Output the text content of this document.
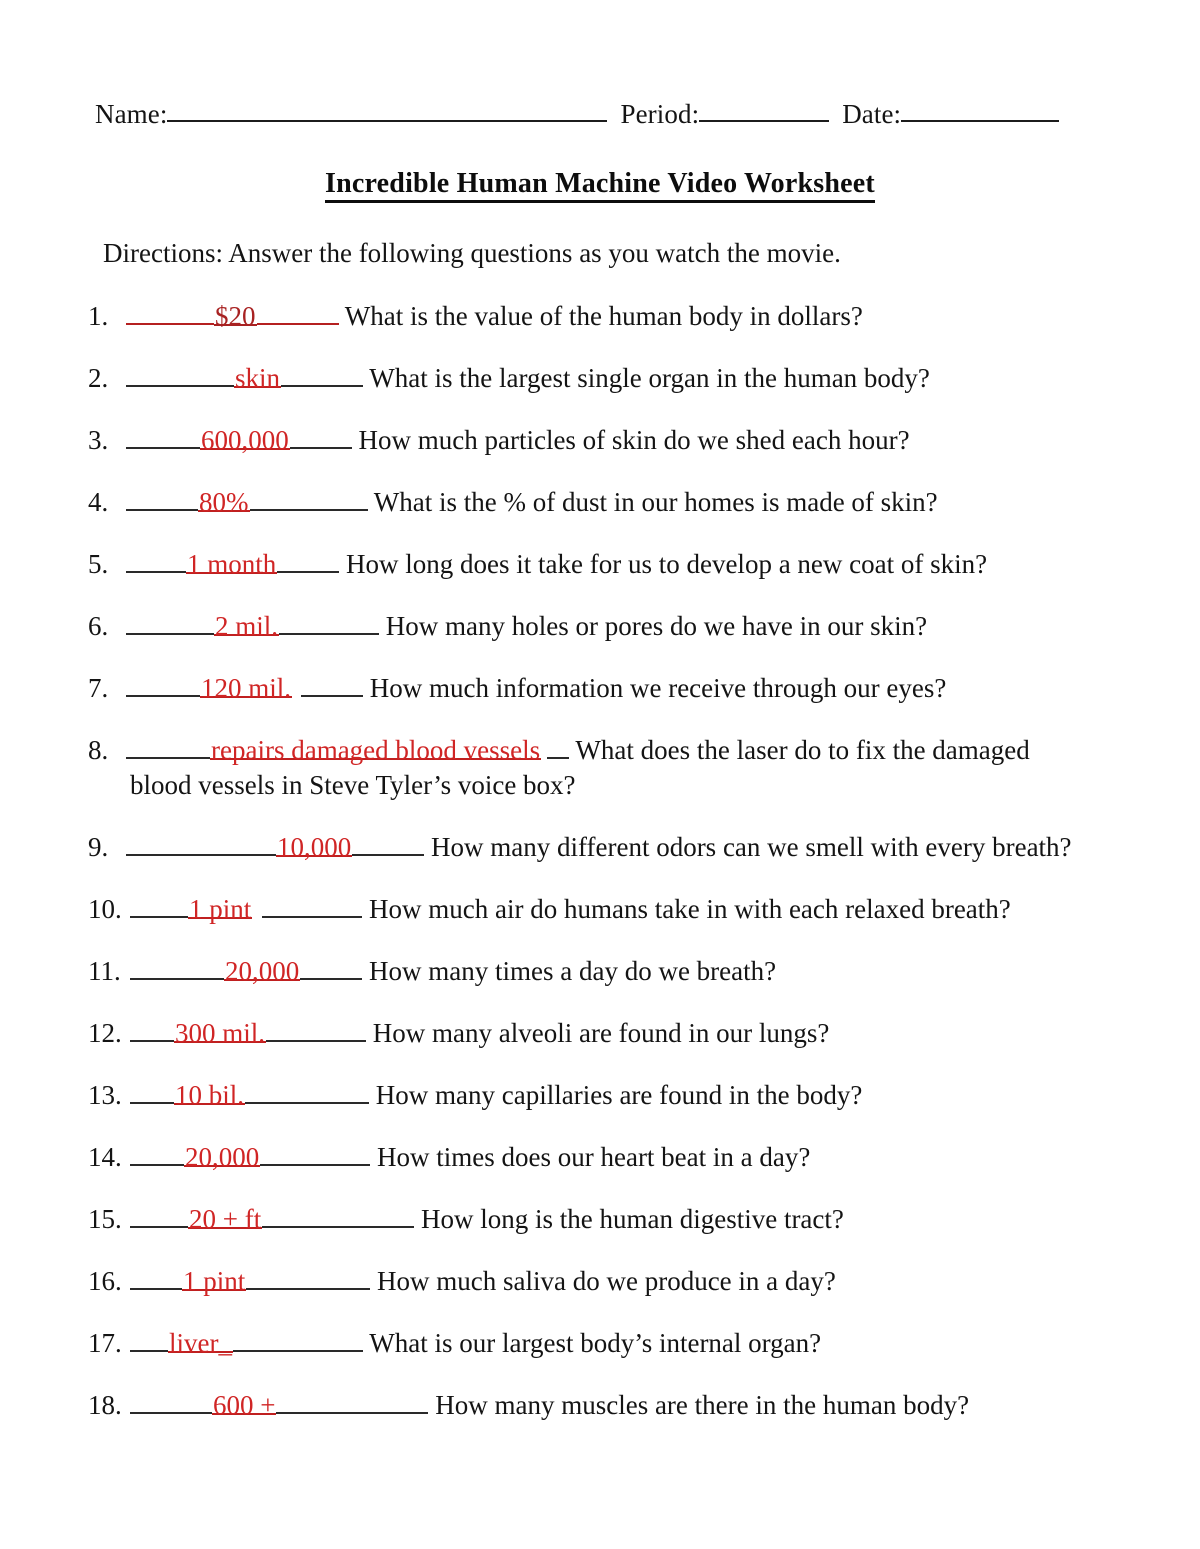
Name:	Period:	Date:
Incredible Human Machine Video Worksheet
Directions: Answer the following questions as you watch the movie.
1.	$20	What is the value of the human body in dollars?
2.	skin	What is the largest single organ in the human body?
3.	600,000 How much particles of skin do we shed each hour?
4.	80%	What is the % of dust in our homes is made of skin?
5.	1 month How long does it take for us to develop a new coat of skin?
6.	2 mil.	How many holes or pores do we have in our skin?
7.	120 mil.	How much information we receive through our eyes?
8.	repairs damaged blood vessels What does the laser do to fix the damaged
blood vessels in Steve Tyler’s voice box?
9.	10,000	How many different odors can we smell with every breath?
10. 1 pint	How much air do humans take in with each relaxed breath?
11.	20,000 How many times a day do we breath?
12. 300 mil.	How many alveoli are found in our lungs?
13. 10 bil.	How many capillaries are found in the body?
14. 20,000	How times does our heart beat in a day?
15. 20 + ft	How long is the human digestive tract?
16. 1 pint	How much saliva do we produce in a day?
17. liver_	What is our largest body’s internal organ?
18.	600 +	How many muscles are there in the human body?
